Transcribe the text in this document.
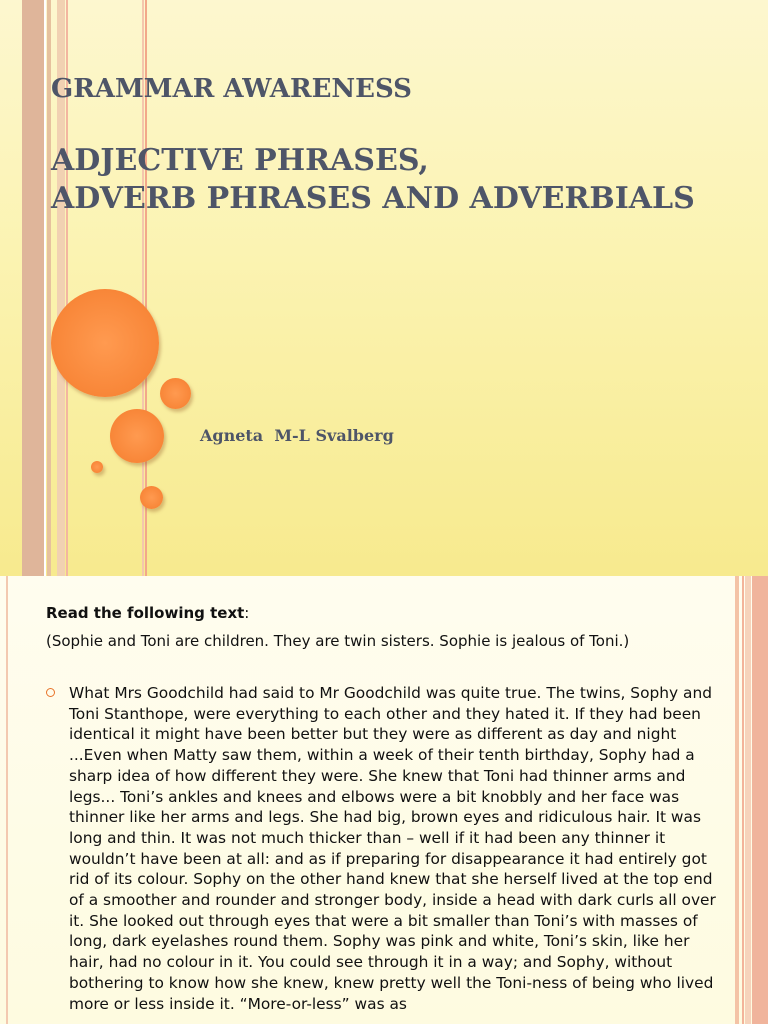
GRAMMAR AWARENESS
ADJECTIVE PHRASES,
ADVERB PHRASES AND ADVERBIALS
Agneta  M-L Svalberg
Read the following text:
(Sophie and Toni are children. They are twin sisters. Sophie is jealous of Toni.)
What Mrs Goodchild had said to Mr Goodchild was quite true. The twins, Sophy and Toni Stanthope, were everything to each other and they hated it. If they had been identical it might have been better but they were as different as day and night ...Even when Matty saw them, within a week of their tenth birthday, Sophy had a sharp idea of how different they were. She knew that Toni had thinner arms and legs... Toni’s ankles and knees and elbows were a bit knobbly and her face was thinner like her arms and legs. She had big, brown eyes and ridiculous hair. It was long and thin. It was not much thicker than – well if it had been any thinner it wouldn’t have been at all: and as if preparing for disappearance it had entirely got rid of its colour. Sophy on the other hand knew that she herself lived at the top end of a smoother and rounder and stronger body, inside a head with dark curls all over it. She looked out through eyes that were a bit smaller than Toni’s with masses of long, dark eyelashes round them. Sophy was pink and white, Toni’s skin, like her hair, had no colour in it. You could see through it in a way; and Sophy, without bothering to know how she knew, knew pretty well the Toni-ness of being who lived more or less inside it. “More-or-less” was as
